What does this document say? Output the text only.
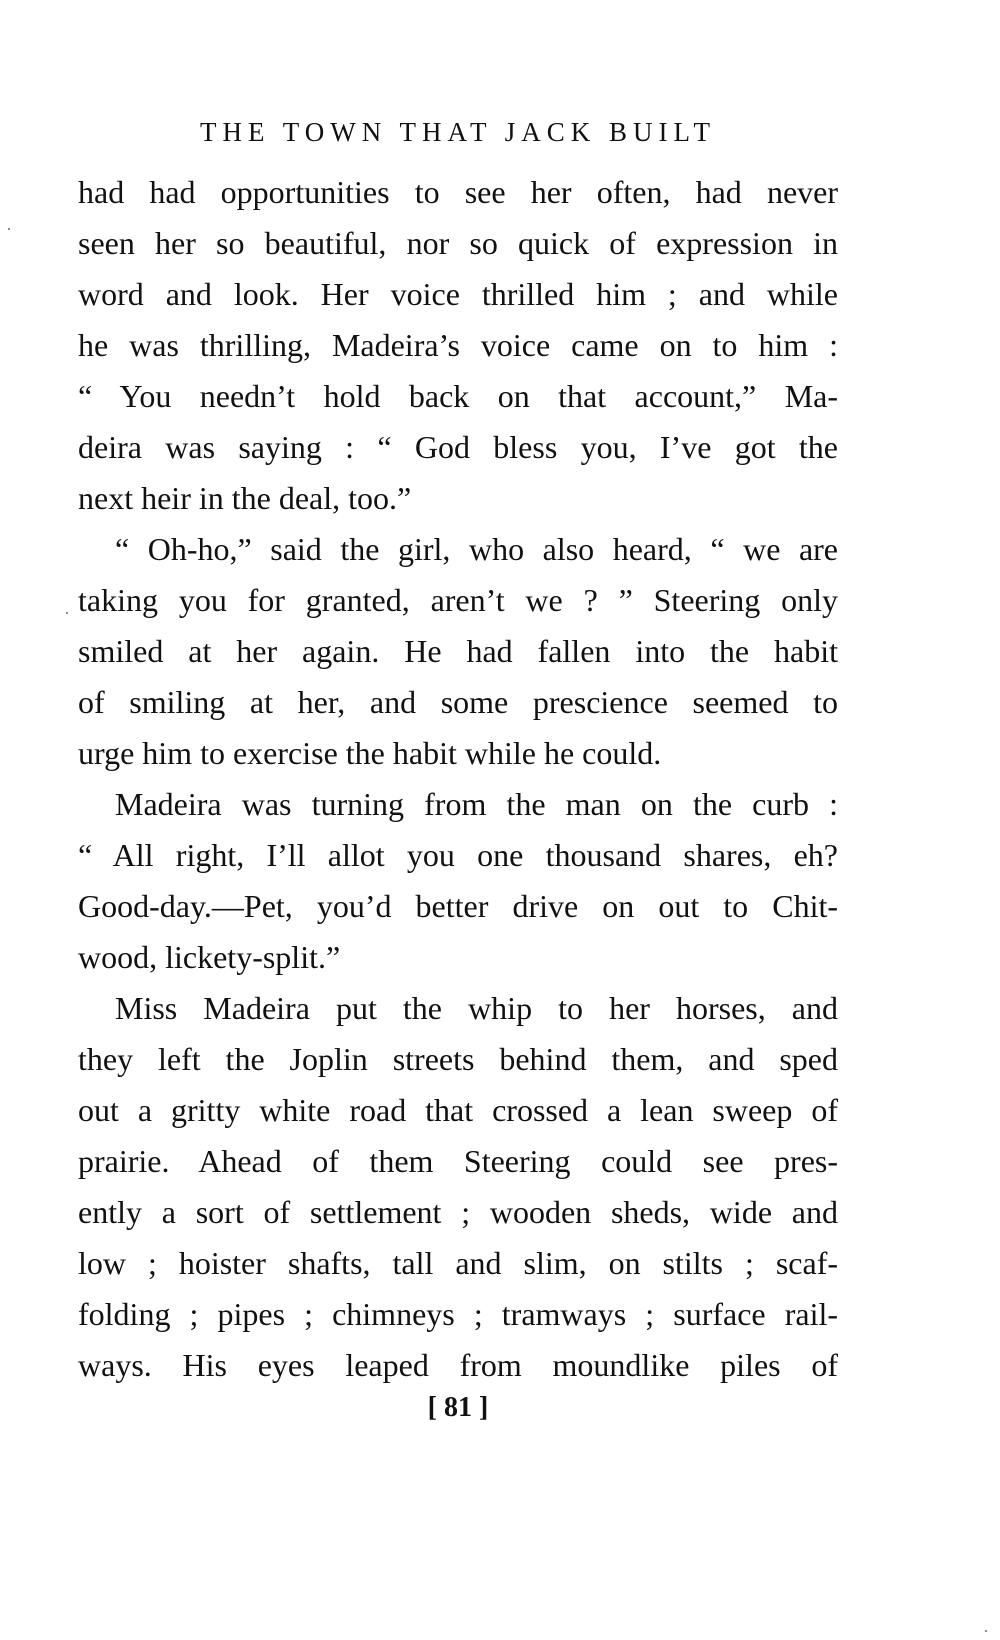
THE TOWN THAT JACK BUILT
had had opportunities to see her often, had never
seen her so beautiful, nor so quick of expression in
word and look. Her voice thrilled him ; and while
he was thrilling, Madeira’s voice came on to him :
“ You needn’t hold back on that account,” Ma-
deira was saying : “ God bless you, I’ve got the
next heir in the deal, too.”
“ Oh-ho,” said the girl, who also heard, “ we are
taking you for granted, aren’t we ? ” Steering only
smiled at her again. He had fallen into the habit
of smiling at her, and some prescience seemed to
urge him to exercise the habit while he could.
Madeira was turning from the man on the curb :
“ All right, I’ll allot you one thousand shares, eh?
Good-day.—Pet, you’d better drive on out to Chit-
wood, lickety-split.”
Miss Madeira put the whip to her horses, and
they left the Joplin streets behind them, and sped
out a gritty white road that crossed a lean sweep of
prairie. Ahead of them Steering could see pres-
ently a sort of settlement ; wooden sheds, wide and
low ; hoister shafts, tall and slim, on stilts ; scaf-
folding ; pipes ; chimneys ; tramways ; surface rail-
ways. His eyes leaped from moundlike piles of
[ 81 ]
